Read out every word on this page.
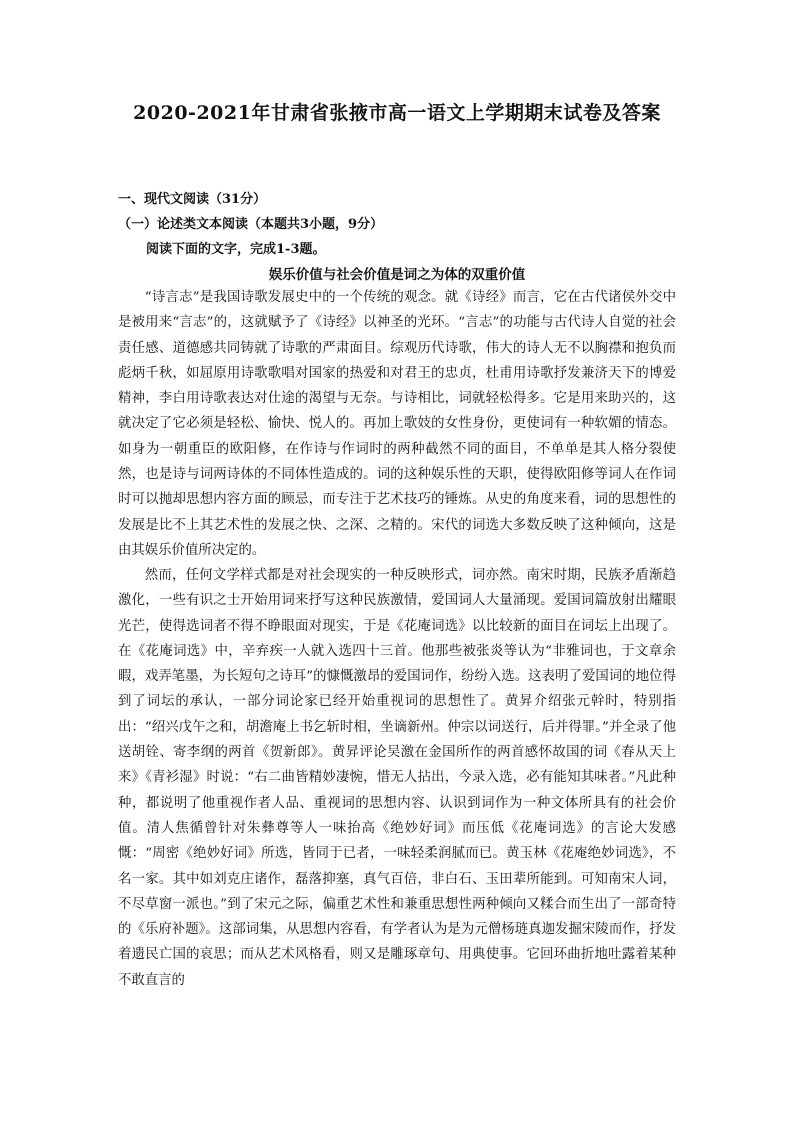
2020-2021年甘肃省张掖市高一语文上学期期末试卷及答案
一、现代文阅读（31分）
（一）论述类文本阅读（本题共3小题，9分）
阅读下面的文字，完成1-3题。
娱乐价值与社会价值是词之为体的双重价值

“诗言志”是我国诗歌发展史中的一个传统的观念。就《诗经》而言，它在古代诸侯外交中是被用来“言志”的，这就赋予了《诗经》以神圣的光环。“言志”的功能与古代诗人自觉的社会责任感、道德感共同铸就了诗歌的严肃面目。综观历代诗歌，伟大的诗人无不以胸襟和抱负而彪炳千秋，如屈原用诗歌歌唱对国家的热爱和对君王的忠贞，杜甫用诗歌抒发兼济天下的博爱精神，李白用诗歌表达对仕途的渴望与无奈。与诗相比，词就轻松得多。它是用来助兴的，这就决定了它必须是轻松、愉快、悦人的。再加上歌妓的女性身份，更使词有一种软媚的情态。如身为一朝重臣的欧阳修，在作诗与作词时的两种截然不同的面目，不单单是其人格分裂使然，也是诗与词两诗体的不同体性造成的。词的这种娱乐性的天职，使得欧阳修等词人在作词时可以抛却思想内容方面的顾忌，而专注于艺术技巧的锤炼。从史的角度来看，词的思想性的发展是比不上其艺术性的发展之快、之深、之精的。宋代的词选大多数反映了这种倾向，这是由其娱乐价值所决定的。

然而，任何文学样式都是对社会现实的一种反映形式，词亦然。南宋时期，民族矛盾渐趋激化，一些有识之士开始用词来抒写这种民族激情，爱国词人大量涌现。爱国词篇放射出耀眼光芒，使得选词者不得不睁眼面对现实，于是《花庵词选》以比较新的面目在词坛上出现了。在《花庵词选》中，辛弃疾一人就入选四十三首。他那些被张炎等认为“非雅词也，于文章余暇，戏弄笔墨，为长短句之诗耳”的慷慨激昂的爱国词作，纷纷入选。这表明了爱国词的地位得到了词坛的承认，一部分词论家已经开始重视词的思想性了。黄昇介绍张元幹时，特别指出：“绍兴戊午之和，胡澹庵上书乞斩时相，坐谪新州。仲宗以词送行，后并得罪。”并全录了他送胡铨、寄李纲的两首《贺新郎》。黄昇评论吴激在金国所作的两首感怀故国的词《春从天上来》《青衫湿》时说：“右二曲皆精妙凄惋，惜无人拈出，今录入选，必有能知其味者。”凡此种种，都说明了他重视作者人品、重视词的思想内容、认识到词作为一种文体所具有的社会价值。清人焦循曾针对朱彝尊等人一味抬高《绝妙好词》而压低《花庵词选》的言论大发感慨：“周密《绝妙好词》所选，皆同于已者，一味轻柔润腻而已。黄玉林《花庵绝妙词选》，不名一家。其中如刘克庄诸作，磊落抑塞，真气百倍，非白石、玉田辈所能到。可知南宋人词，不尽草窗一派也。”到了宋元之际，偏重艺术性和兼重思想性两种倾向又糅合而生出了一部奇特的《乐府补题》。这部词集，从思想内容看，有学者认为是为元僧杨琏真迦发掘宋陵而作，抒发着遗民亡国的哀思；而从艺术风格看，则又是雕琢章句、用典使事。它回环曲折地吐露着某种不敢直言的
